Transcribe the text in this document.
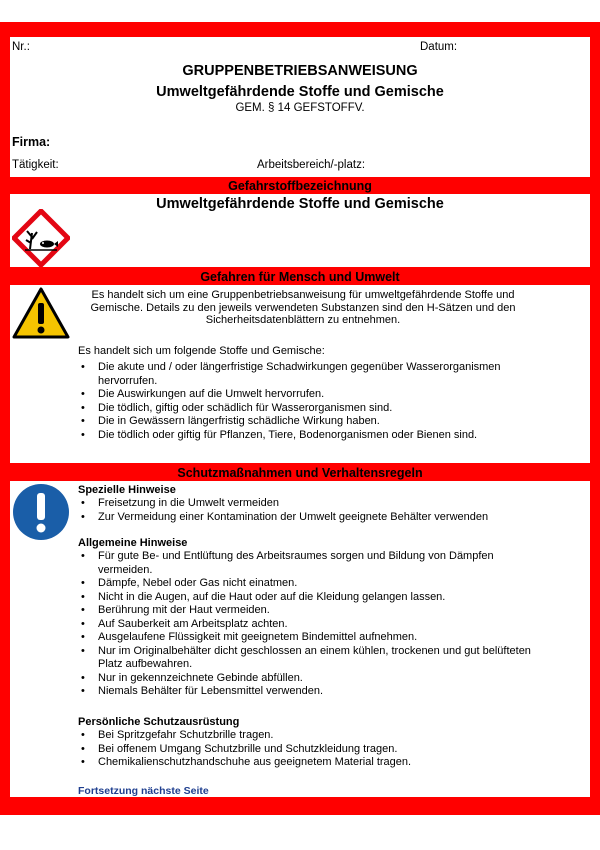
Nr.:	Datum:
GRUPPENBETRIEBSANWEISUNG
Umweltgefährdende Stoffe und Gemische
GEM. § 14 GEFSTOFFV.
Firma:
Tätigkeit:	Arbeitsbereich/-platz:
Gefahrstoffbezeichnung
Umweltgefährdende Stoffe und Gemische
Gefahren für Mensch und Umwelt
Es handelt sich um eine Gruppenbetriebsanweisung für umweltgefährdende Stoffe und Gemische. Details zu den jeweils verwendeten Substanzen sind den H-Sätzen und den Sicherheitsdatenblättern zu entnehmen.
Es handelt sich um folgende Stoffe und Gemische:
• Die akute und / oder längerfristige Schadwirkungen gegenüber Wasserorganismen hervorrufen.
• Die Auswirkungen auf die Umwelt hervorrufen.
• Die tödlich, giftig oder schädlich für Wasserorganismen sind.
• Die in Gewässern längerfristig schädliche Wirkung haben.
• Die tödlich oder giftig für Pflanzen, Tiere, Bodenorganismen oder Bienen sind.
Schutzmaßnahmen und Verhaltensregeln
Spezielle Hinweise
• Freisetzung in die Umwelt vermeiden
• Zur Vermeidung einer Kontamination der Umwelt geeignete Behälter verwenden
Allgemeine Hinweise
• Für gute Be- und Entlüftung des Arbeitsraumes sorgen und Bildung von Dämpfen vermeiden.
• Dämpfe, Nebel oder Gas nicht einatmen.
• Nicht in die Augen, auf die Haut oder auf die Kleidung gelangen lassen.
• Berührung mit der Haut vermeiden.
• Auf Sauberkeit am Arbeitsplatz achten.
• Ausgelaufene Flüssigkeit mit geeignetem Bindemittel aufnehmen.
• Nur im Originalbehälter dicht geschlossen an einem kühlen, trockenen und gut belüfteten Platz aufbewahren.
• Nur in gekennzeichnete Gebinde abfüllen.
• Niemals Behälter für Lebensmittel verwenden.
Persönliche Schutzausrüstung
• Bei Spritzgefahr Schutzbrille tragen.
• Bei offenem Umgang Schutzbrille und Schutzkleidung tragen.
• Chemikalienschutzhandschuhe aus geeignetem Material tragen.
Fortsetzung nächste Seite
